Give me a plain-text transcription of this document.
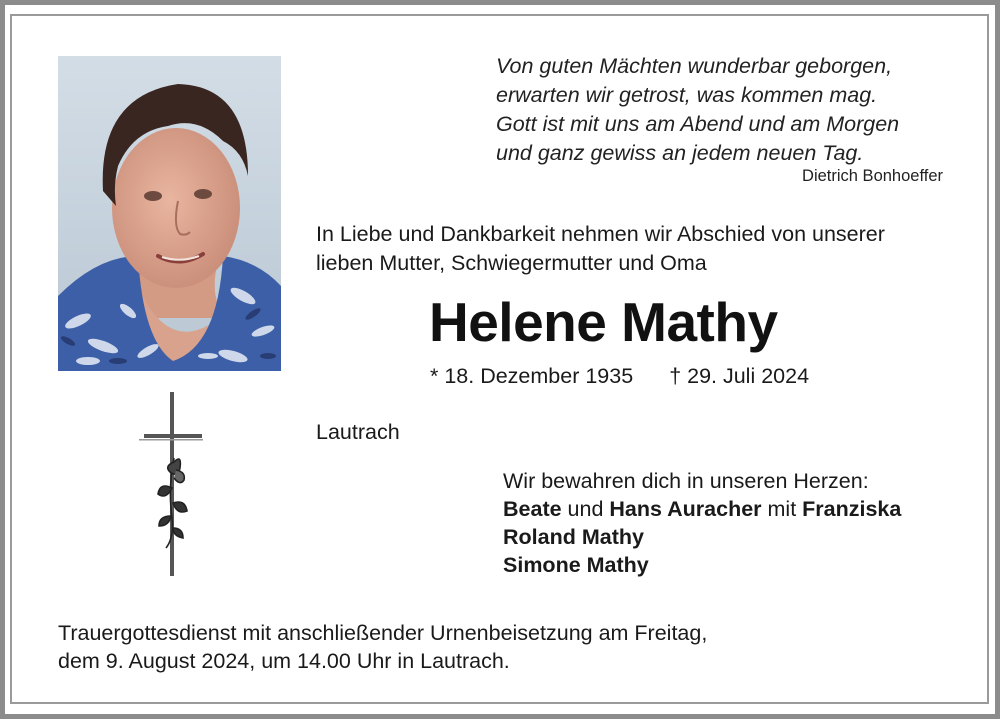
Von guten Mächten wunderbar geborgen,
erwarten wir getrost, was kommen mag.
Gott ist mit uns am Abend und am Morgen
und ganz gewiss an jedem neuen Tag.
Dietrich Bonhoeffer
In Liebe und Dankbarkeit nehmen wir Abschied von unserer
lieben Mutter, Schwiegermutter und Oma
Helene Mathy
* 18. Dezember 1935 † 29. Juli 2024
Lautrach
Wir bewahren dich in unseren Herzen:
Beate und Hans Auracher mit Franziska
Roland Mathy
Simone Mathy
Trauergottesdienst mit anschließender Urnenbeisetzung am Freitag,
dem 9. August 2024, um 14.00 Uhr in Lautrach.
